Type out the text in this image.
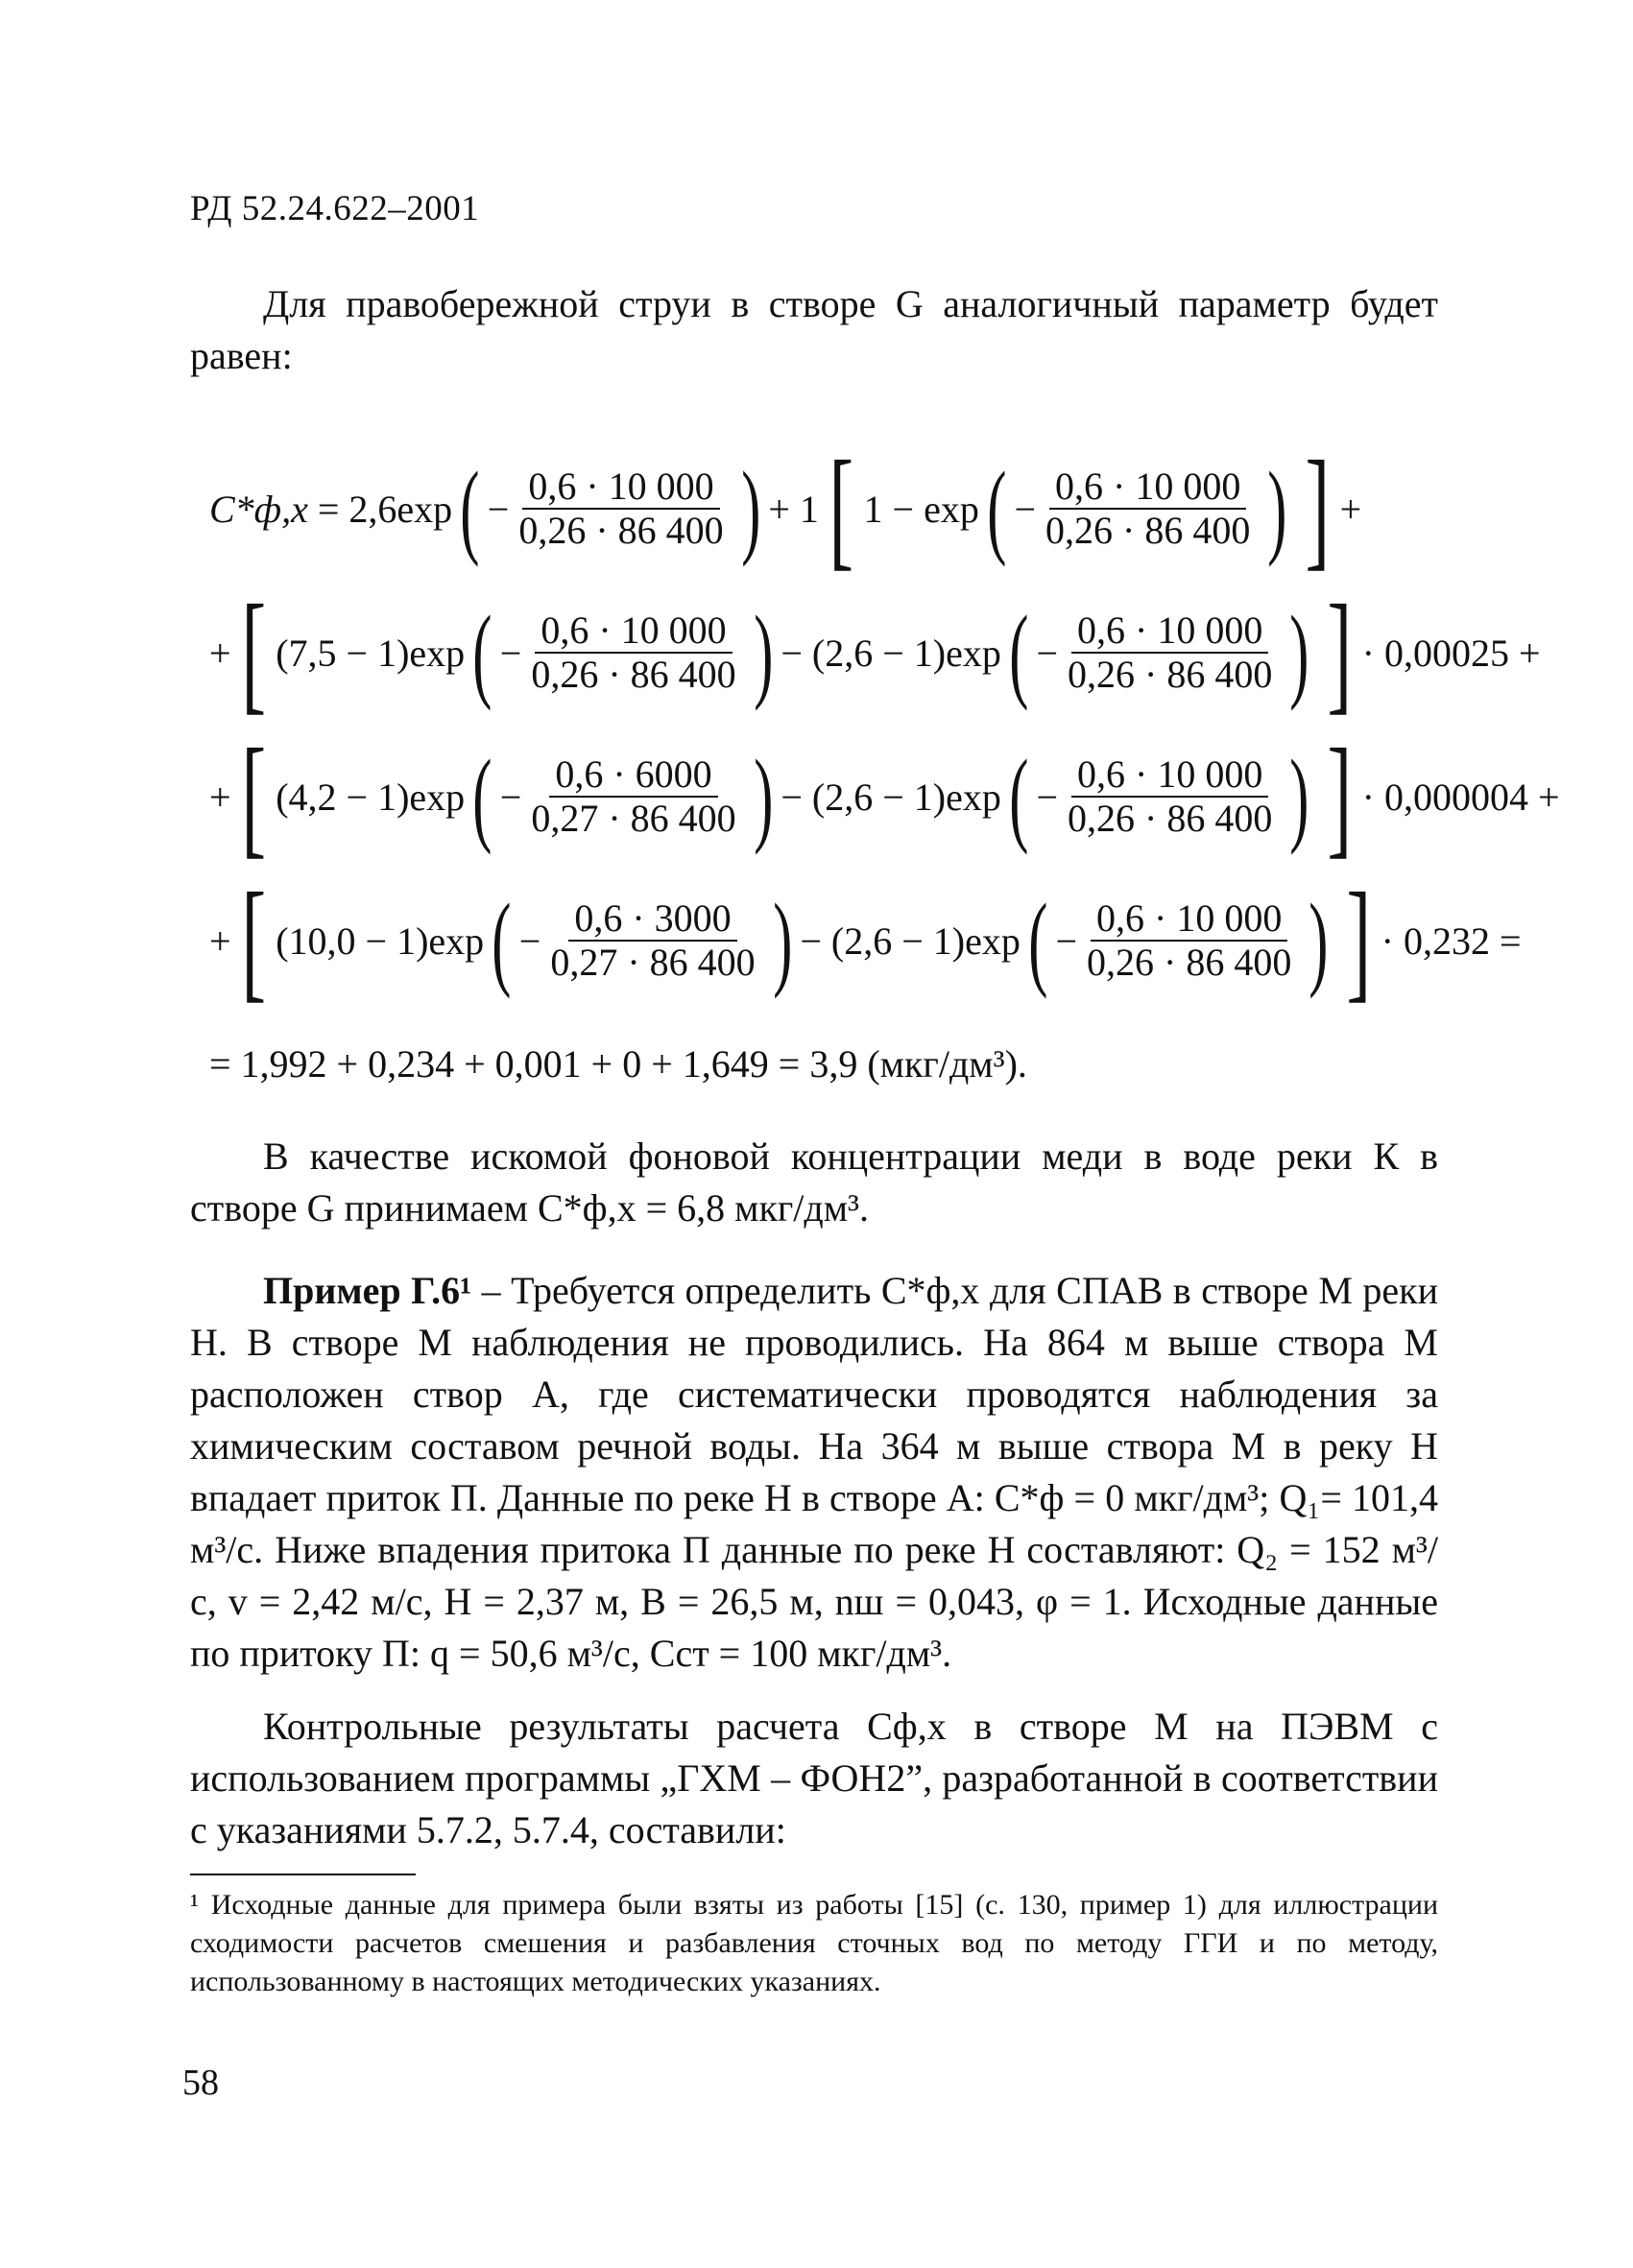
РД 52.24.622–2001
Для правобережной струи в створе G аналогичный параметр будет равен:
C*ф,x
= 2,6exp ( − $\frac{0,6 \cdot 10 000}{0,26 \cdot 86 400}$ ) + 1 [ 1 − exp ( − $\frac{0,6 \cdot 10 000}{0,26 \cdot 86 400}$ ) ] +
+ [ (7,5 − 1)exp ( − $\frac{0,6 \cdot 10 000}{0,26 \cdot 86 400}$ ) − (2,6 − 1)exp ( − $\frac{0,6 \cdot 10 000}{0,26 \cdot 86 400}$ ) ] · 0,00025 +
+ [ (4,2 − 1)exp ( − $\frac{0,6 \cdot 6000}{0,27 \cdot 86 400}$ ) − (2,6 − 1)exp ( − $\frac{0,6 \cdot 10 000}{0,26 \cdot 86 400}$ ) ] · 0,000004 +
+ [ (10,0 − 1)exp ( − $\frac{0,6 \cdot 3000}{0,27 \cdot 86 400}$ ) − (2,6 − 1)exp ( − $\frac{0,6 \cdot 10 000}{0,26 \cdot 86 400}$ ) ] · 0,232 =
= 1,992 + 0,234 + 0,001 + 0 + 1,649 = 3,9 (мкг/дм³).
В качестве искомой фоновой концентрации меди в воде реки К в створе G принимаем C*ф,x = 6,8 мкг/дм³.
Пример Г.6¹ – Требуется определить C*ф,x для СПАВ в створе M реки Н. В створе M наблюдения не проводились. На 864 м выше створа M расположен створ A, где систематически проводятся наблюдения за химическим составом речной воды. На 364 м выше створа M в реку Н впадает приток П. Данные по реке Н в створе A: C*ф = 0 мкг/дм³; Q₁= 101,4 м³/с. Ниже впадения притока П данные по реке Н составляют: Q₂ = 152 м³/с, v = 2,42 м/с, H = 2,37 м, B = 26,5 м, nш = 0,043, φ = 1. Исходные данные по притоку П: q = 50,6 м³/с, Cст = 100 мкг/дм³.
Контрольные результаты расчета Cф,x в створе M на ПЭВМ с использованием программы „ГХМ – ФОН2”, разработанной в соответствии с указаниями 5.7.2, 5.7.4, составили:
¹ Исходные данные для примера были взяты из работы [15] (с. 130, пример 1) для иллюстрации сходимости расчетов смешения и разбавления сточных вод по методу ГГИ и по методу, использованному в настоящих методических указаниях.
58
